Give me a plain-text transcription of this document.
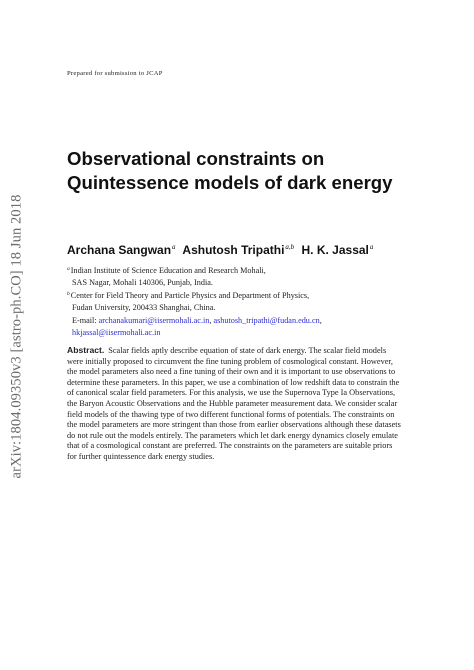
arXiv:1804.09350v3 [astro-ph.CO] 18 Jun 2018
Prepared for submission to JCAP
Observational constraints on
Quintessence models of dark energy
Archana Sangwan$^a$ Ashutosh Tripathi$^{a,b}$ H. K. Jassal$^a$
$^a$Indian Institute of Science Education and Research Mohali,
SAS Nagar, Mohali 140306, Punjab, India.
$^b$Center for Field Theory and Particle Physics and Department of Physics,
Fudan University, 200433 Shanghai, China.
E-mail: archanakumari@iisermohali.ac.in, ashutosh_tripathi@fudan.edu.cn,
hkjassal@iisermohali.ac.in
Abstract. Scalar fields aptly describe equation of state of dark energy. The scalar field models
were initially proposed to circumvent the fine tuning problem of cosmological constant. However,
the model parameters also need a fine tuning of their own and it is important to use observations to
determine these parameters. In this paper, we use a combination of low redshift data to constrain the
of canonical scalar field parameters. For this analysis, we use the Supernova Type Ia Observations,
the Baryon Acoustic Observations and the Hubble parameter measurement data. We consider scalar
field models of the thawing type of two different functional forms of potentials. The constraints on
the model parameters are more stringent than those from earlier observations although these datasets
do not rule out the models entirely. The parameters which let dark energy dynamics closely emulate
that of a cosmological constant are preferred. The constraints on the parameters are suitable priors
for further quintessence dark energy studies.
